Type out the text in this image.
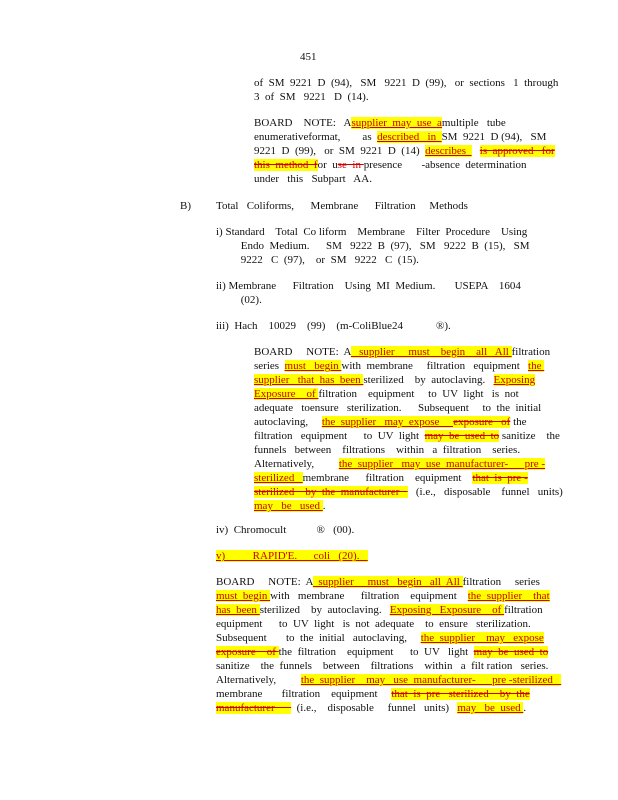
451
B)
of  SM  9221  D  (94),   SM   9221  D  (99),   or  sections   1  through
3  of  SM   9221   D  (14).
BOARD    NOTE:   Asupplier  may  use  amultiple   tube
enumerativeformat,        as  described   in  SM  9221  D (94),   SM
9221  D  (99),   or  SM  9221  D  (14)  describes     is  approved   for
this  method  for  use  in presence       -absence  determination
under   this   Subpart   AA.
Total   Coliforms,      Membrane      Filtration     Methods
i) Standard    Total  Co liform    Membrane    Filter  Procedure    Using
Endo  Medium.      SM   9222  B  (97),   SM   9222  B  (15),   SM
9222   C  (97),    or  SM   9222   C  (15).
ii) Membrane      Filtration    Using  MI  Medium.       USEPA    1604
(02).
iii)  Hach    10029    (99)    (m-ColiBlue24            ®).
BOARD     NOTE:  A   supplier     must    begin    all   All filtration
series  must   begin with  membrane     filtration   equipment   the
supplier   that  has  been sterilized    by  autoclaving.   Exposing
Exposure    of filtration    equipment     to  UV  light   is  not
adequate   toensure   sterilization.      Subsequent     to  the  initial
autoclaving,     the  supplier   may  expose     exposure   of the
filtration   equipment      to  UV  light  may  be  used  to sanitize    the
funnels   between    filtrations    within   a  filtration    series.
Alternatively,         the  supplier   may  use  manufacturer-      pre -
sterilized   membrane      filtration    equipment    that  is  pre -
sterilized    by  the  manufacturer      (i.e.,   disposable    funnel   units)
may   be   used .
iv)  Chromocult           ®   (00).
v)          RAPID'E.      coli   (20).
BOARD     NOTE:  A  supplier     must   begin   all  All filtration     series
must  begin with   membrane      filtration    equipment    the  supplier    that
has  been sterilized    by  autoclaving.   Exposing   Exposure    of filtration
equipment      to  UV  light   is  not  adequate    to  ensure   sterilization.
Subsequent       to  the  initial   autoclaving,     the  supplier    may   expose
exposure    of the  filtration    equipment      to  UV   light  may  be  used  to
sanitize    the  funnels    between    filtrations    within   a  filt ration   series.
Alternatively,         the  supplier    may   use  manufacturer-      pre -sterilized
membrane       filtration    equipment     that  is  pre   sterilized    by  the
manufacturer        (i.e.,    disposable     funnel   units)   may   be  used .
